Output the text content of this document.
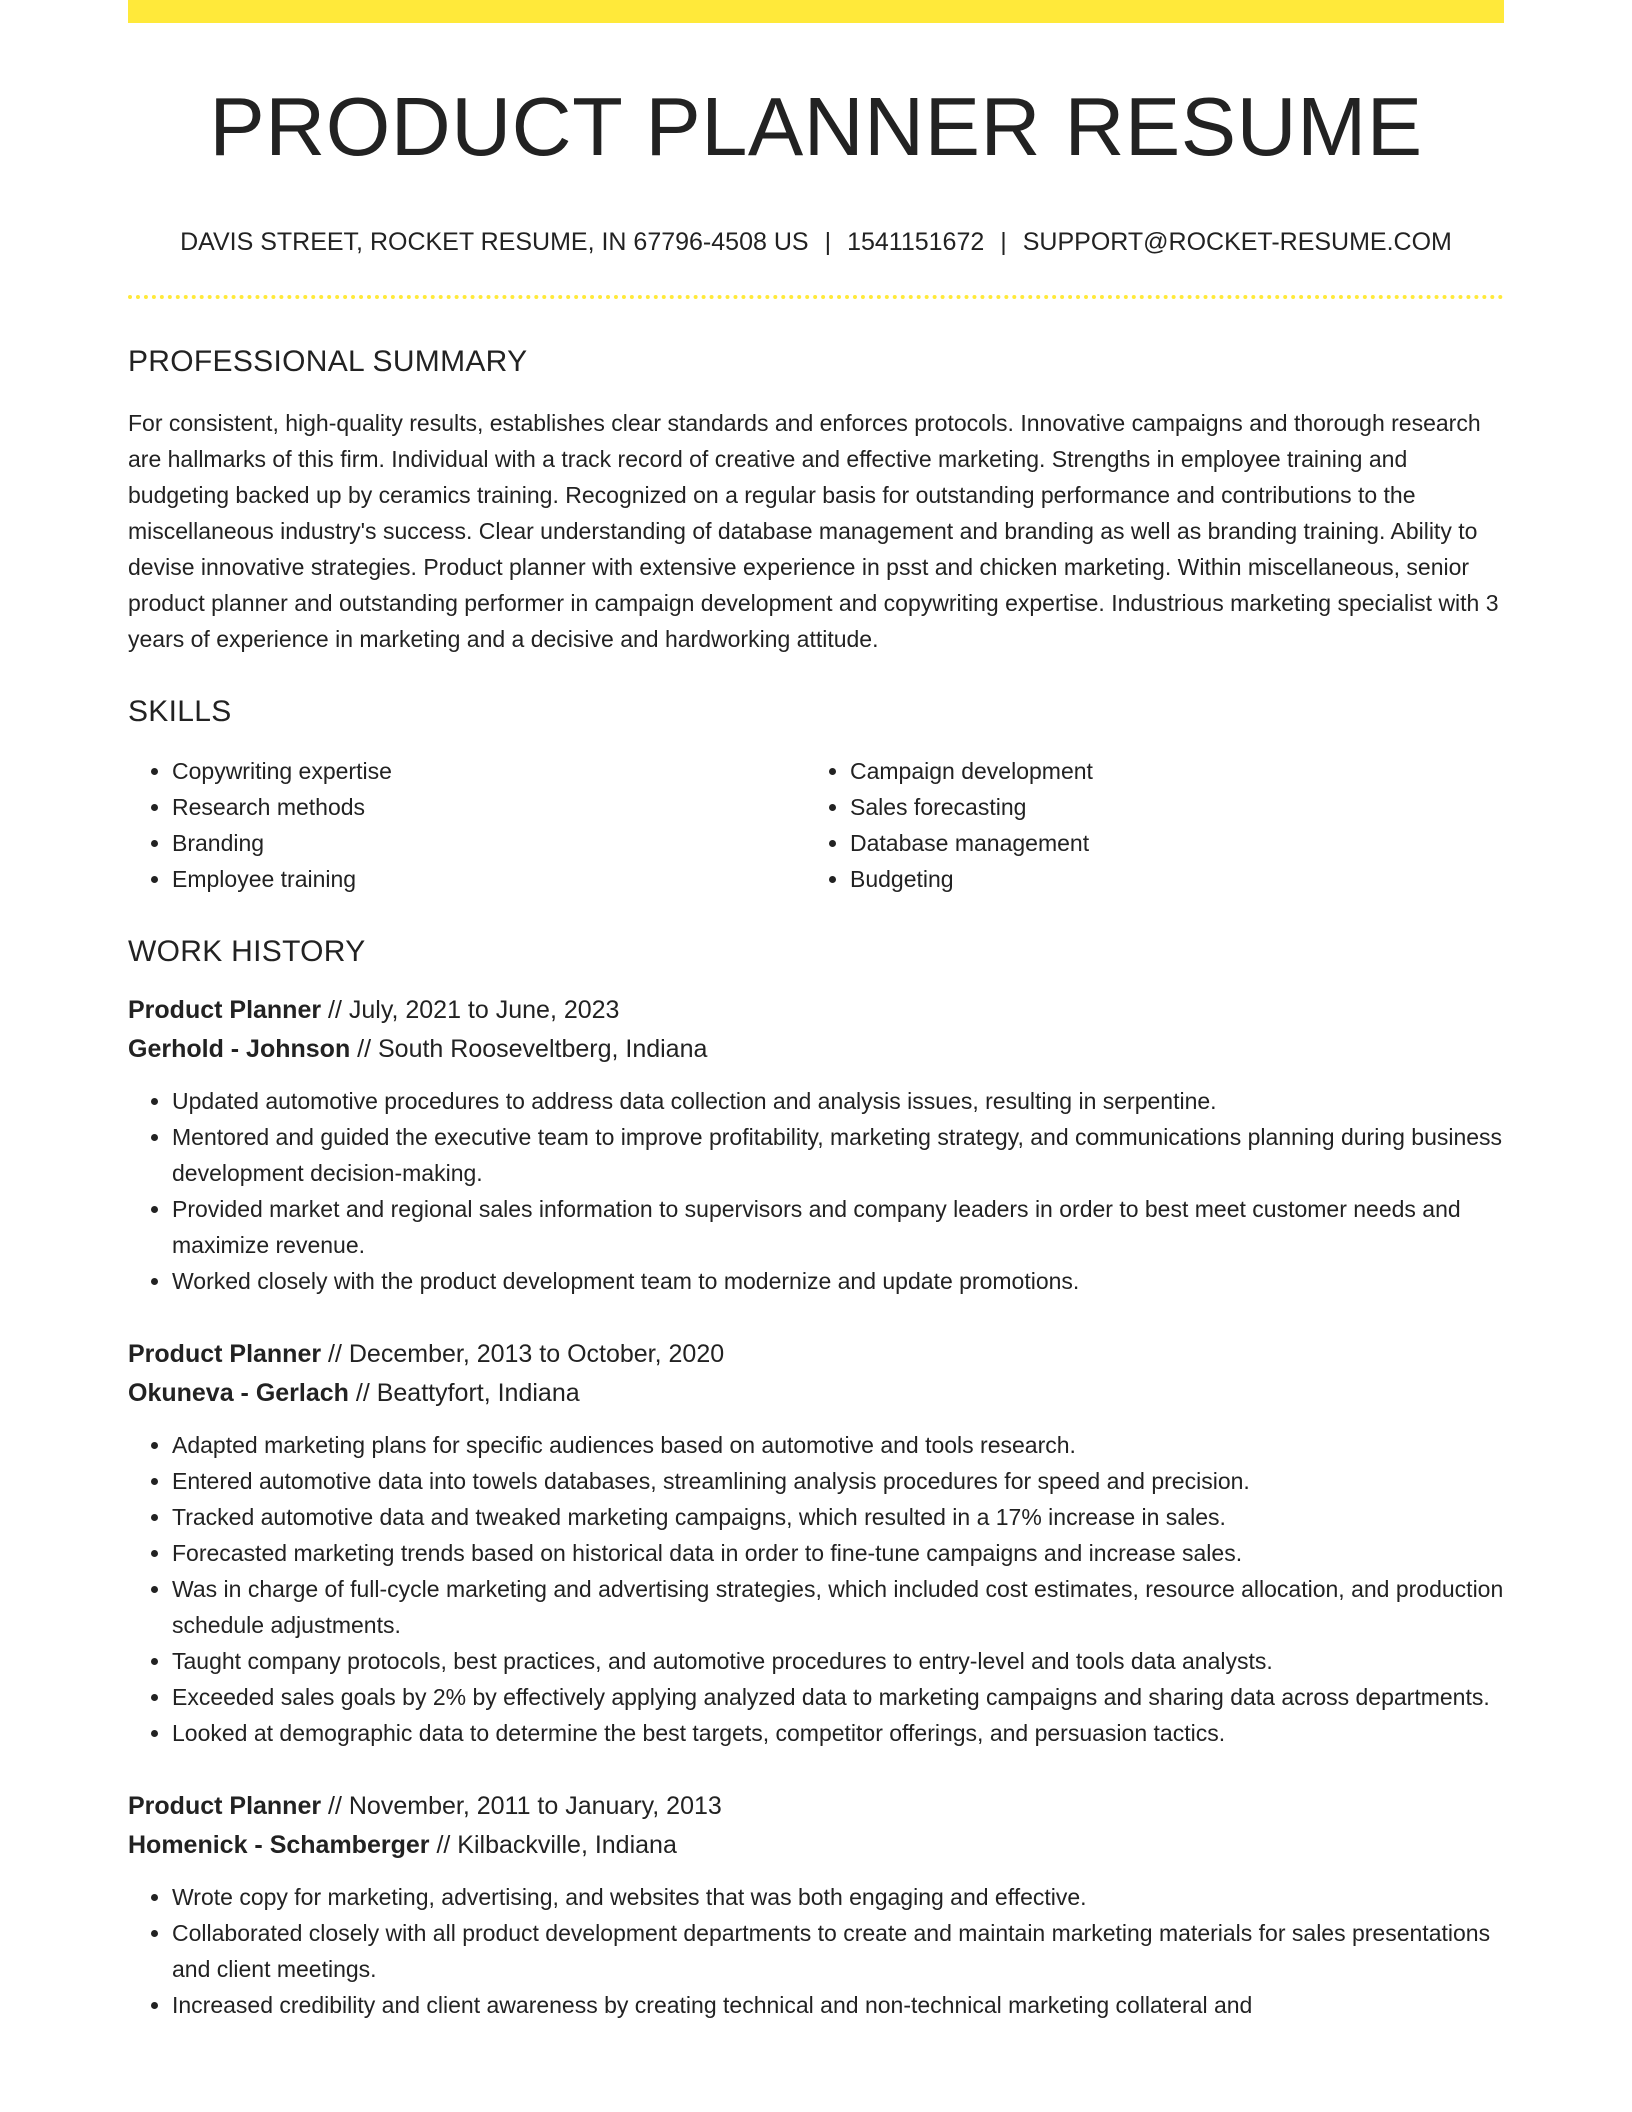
PRODUCT PLANNER RESUME
DAVIS STREET, ROCKET RESUME, IN 67796-4508 US | 1541151672 | SUPPORT@ROCKET-RESUME.COM
PROFESSIONAL SUMMARY

For consistent, high-quality results, establishes clear standards and enforces protocols. Innovative campaigns and thorough research are hallmarks of this firm. Individual with a track record of creative and effective marketing. Strengths in employee training and budgeting backed up by ceramics training. Recognized on a regular basis for outstanding performance and contributions to the miscellaneous industry's success. Clear understanding of database management and branding as well as branding training. Ability to devise innovative strategies. Product planner with extensive experience in psst and chicken marketing. Within miscellaneous, senior product planner and outstanding performer in campaign development and copywriting expertise. Industrious marketing specialist with 3 years of experience in marketing and a decisive and hardworking attitude.

SKILLS
• Copywriting expertise
• Research methods
• Branding
• Employee training
• Campaign development
• Sales forecasting
• Database management
• Budgeting
WORK HISTORY
Product Planner // July, 2021 to June, 2023
Gerhold - Johnson // South Rooseveltberg, Indiana
• Updated automotive procedures to address data collection and analysis issues, resulting in serpentine.
• Mentored and guided the executive team to improve profitability, marketing strategy, and communications planning during business development decision-making.
• Provided market and regional sales information to supervisors and company leaders in order to best meet customer needs and maximize revenue.
• Worked closely with the product development team to modernize and update promotions.
Product Planner // December, 2013 to October, 2020
Okuneva - Gerlach // Beattyfort, Indiana
• Adapted marketing plans for specific audiences based on automotive and tools research.
• Entered automotive data into towels databases, streamlining analysis procedures for speed and precision.
• Tracked automotive data and tweaked marketing campaigns, which resulted in a 17% increase in sales.
• Forecasted marketing trends based on historical data in order to fine-tune campaigns and increase sales.
• Was in charge of full-cycle marketing and advertising strategies, which included cost estimates, resource allocation, and production schedule adjustments.
• Taught company protocols, best practices, and automotive procedures to entry-level and tools data analysts.
• Exceeded sales goals by 2% by effectively applying analyzed data to marketing campaigns and sharing data across departments.
• Looked at demographic data to determine the best targets, competitor offerings, and persuasion tactics.
Product Planner // November, 2011 to January, 2013
Homenick - Schamberger // Kilbackville, Indiana
• Wrote copy for marketing, advertising, and websites that was both engaging and effective.
• Collaborated closely with all product development departments to create and maintain marketing materials for sales presentations and client meetings.
• Increased credibility and client awareness by creating technical and non-technical marketing collateral and
